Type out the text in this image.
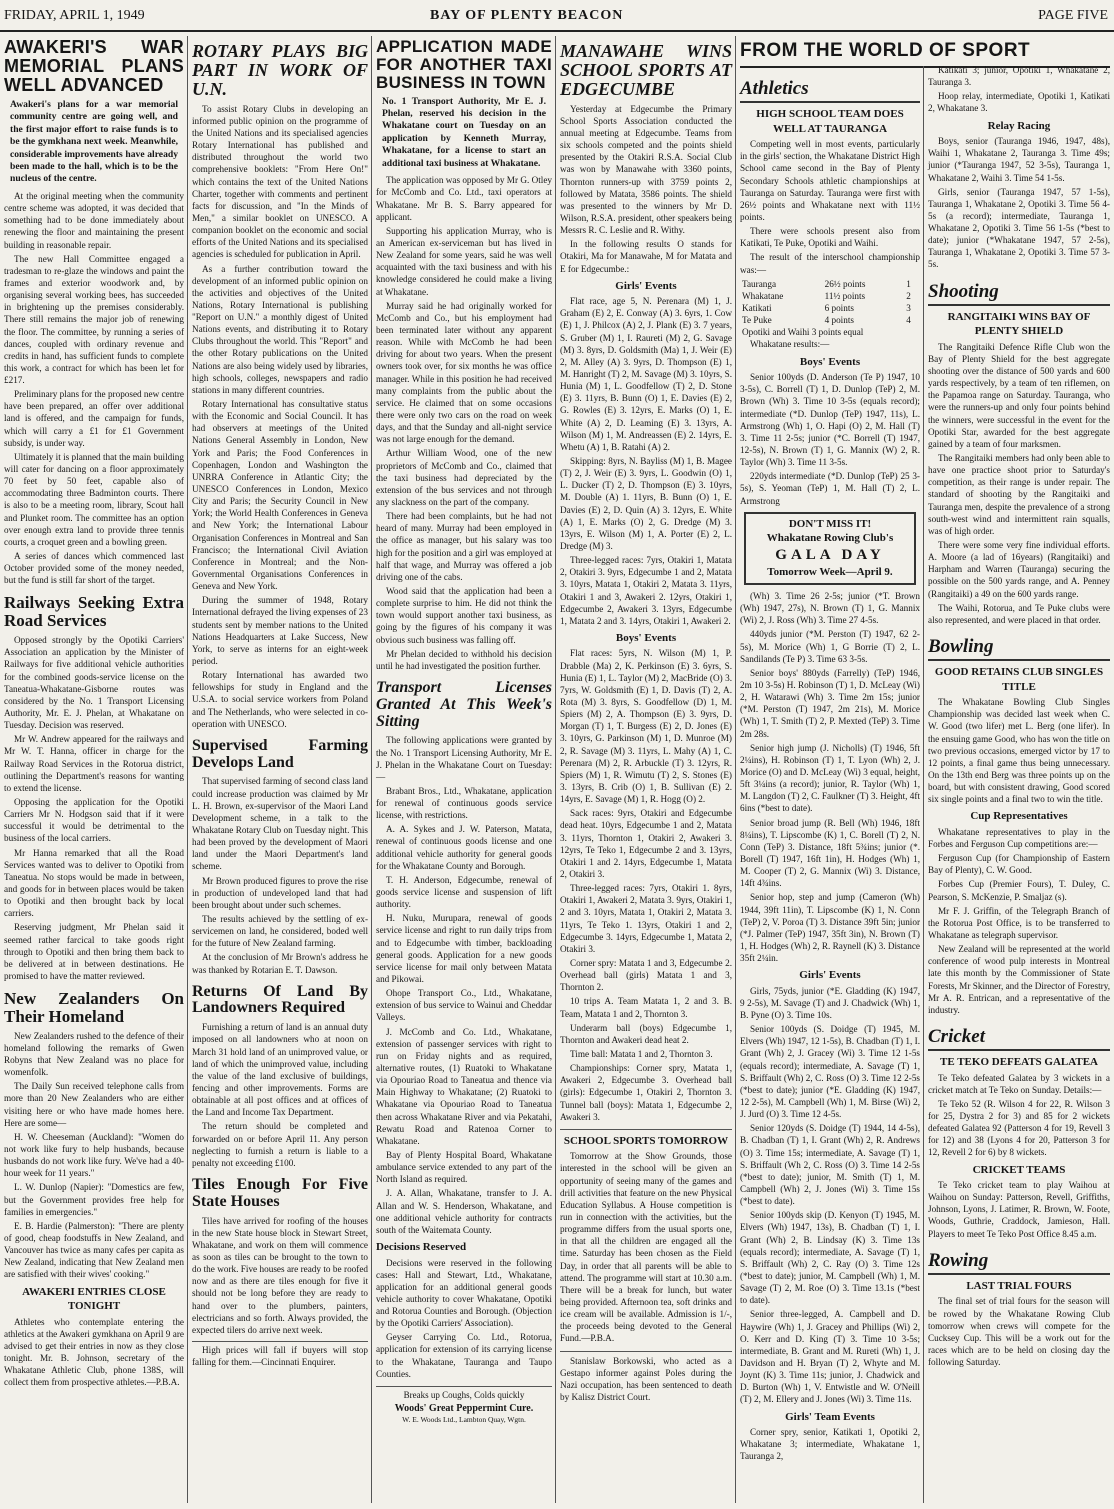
FRIDAY, APRIL 1, 1949	BAY OF PLENTY BEACON	PAGE FIVE
AWAKERI'S WAR MEMORIAL PLANS WELL ADVANCED
Awakeri's plans for a war memorial community centre are going well, and the first major effort to raise funds is to be the gymkhana next week. Meanwhile, considerable improvements have already been made to the hall, which is to be the nucleus of the centre.

At the original meeting when the community centre scheme was adopted, it was decided that something had to be done immediately about renewing the floor and maintaining the present building in reasonable repair.

The new Hall Committee engaged a tradesman to re-glaze the windows and paint the frames and exterior woodwork and, by organising several working bees, has succeeded in brightening up the premises considerably. There still remains the major job of renewing the floor. The committee, by running a series of dances, coupled with ordinary revenue and credits in hand, has sufficient funds to complete this work, a contract for which has been let for £217.

Preliminary plans for the proposed new centre have been prepared, an offer over additional land is offered, and the campaign for funds, which will carry a £1 for £1 Government subsidy, is under way.

Ultimately it is planned that the main building will cater for dancing on a floor approximately 70 feet by 50 feet, capable also of accommodating three Badminton courts. There is also to be a meeting room, library, Scout hall and Plunket room. The committee has an option over enough extra land to provide three tennis courts, a croquet green and a bowling green.

A series of dances which commenced last October provided some of the money needed, but the fund is still far short of the target.

Railways Seeking Extra Road Services

Opposed strongly by the Opotiki Carriers' Association an application by the Minister of Railways for five additional vehicle authorities for the combined goods-service license on the Taneatua-Whakatane-Gisborne routes was considered by the No. 1 Transport Licensing Authority, Mr. E. J. Phelan, at Whakatane on Tuesday. Decision was reserved.

Mr W. Andrew appeared for the railways and Mr W. T. Hanna, officer in charge for the Railway Road Services in the Rotorua district, outlining the Department's reasons for wanting to extend the license.

Opposing the application for the Opotiki Carriers Mr N. Hodgson said that if it were successful it would be detrimental to the business of the local carriers.

Mr Hanna remarked that all the Road Services wanted was to deliver to Opotiki from Taneatua. No stops would be made in between, and goods for in between places would be taken to Opotiki and then brought back by local carriers.

Reserving judgment, Mr Phelan said it seemed rather farcical to take goods right through to Opotiki and then bring them back to be delivered at in between destinations. He promised to have the matter reviewed.

New Zealanders On Their Homeland

New Zealanders rushed to the defence of their homeland following the remarks of Gwen Robyns that New Zealand was no place for womenfolk.

The Daily Sun received telephone calls from more than 20 New Zealanders who are either visiting here or who have made homes here. Here are some—

H. W. Cheeseman (Auckland): "Women do not work like fury to help husbands, because husbands do not work like fury. We've had a 40-hour week for 11 years."

L. W. Dunlop (Napier): "Domestics are few, but the Government provides free help for families in emergencies."

E. B. Hardie (Palmerston): "There are plenty of good, cheap foodstuffs in New Zealand, and Vancouver has twice as many cafes per capita as New Zealand, indicating that New Zealand men are satisfied with their wives' cooking."

AWAKERI ENTRIES CLOSE TONIGHT

Athletes who contemplate entering the athletics at the Awakeri gymkhana on April 9 are advised to get their entries in now as they close tonight. Mr. B. Johnson, secretary of the Whakatane Athletic Club, phone 138S, will collect them from prospective athletes.—P.B.A.

ROTARY PLAYS BIG PART IN WORK OF U.N.

To assist Rotary Clubs in developing an informed public opinion on the programme of the United Nations and its specialised agencies Rotary International has published and distributed throughout the world two comprehensive booklets: "From Here On!" which contains the text of the United Nations Charter, together with comments and pertinent facts for discussion, and "In the Minds of Men," a similar booklet on UNESCO. A companion booklet on the economic and social efforts of the United Nations and its specialised agencies is scheduled for publication in April.

As a further contribution toward the development of an informed public opinion on the activities and objectives of the United Nations, Rotary International is publishing "Report on U.N." a monthly digest of United Nations events, and distributing it to Rotary Clubs throughout the world. This "Report" and the other Rotary publications on the United Nations are also being widely used by libraries, high schools, colleges, newspapers and radio stations in many different countries.

Rotary International has consultative status with the Economic and Social Council. It has had observers at meetings of the United Nations General Assembly in London, New York and Paris; the Food Conferences in Copenhagen, London and Washington the UNRRA Conference in Atlantic City; the UNESCO Conferences in London, Mexico City and Paris; the Security Council in New York; the World Health Conferences in Geneva and New York; the International Labour Organisation Conferences in Montreal and San Francisco; the International Civil Aviation Conference in Montreal; and the Non-Governmental Organisations Conferences in Geneva and New York.

During the summer of 1948, Rotary International defrayed the living expenses of 23 students sent by member nations to the United Nations Headquarters at Lake Success, New York, to serve as interns for an eight-week period.

Rotary International has awarded two fellowships for study in England and the U.S.A. to social service workers from Poland and The Netherlands, who were selected in co-operation with UNESCO.

Supervised Farming Develops Land

That supervised farming of second class land could increase production was claimed by Mr L. H. Brown, ex-supervisor of the Maori Land Development scheme, in a talk to the Whakatane Rotary Club on Tuesday night. This had been proved by the development of Maori land under the Maori Department's land scheme.

Mr Brown produced figures to prove the rise in production of undeveloped land that had been brought about under such schemes.

The results achieved by the settling of ex-servicemen on land, he considered, boded well for the future of New Zealand farming.

At the conclusion of Mr Brown's address he was thanked by Rotarian E. T. Dawson.

Returns Of Land By Landowners Required

Furnishing a return of land is an annual duty imposed on all landowners who at noon on March 31 hold land of an unimproved value, or land of which the unimproved value, including the value of the land exclusive of buildings, fencing and other improvements. Forms are obtainable at all post offices and at offices of the Land and Income Tax Department.

The return should be completed and forwarded on or before April 11. Any person neglecting to furnish a return is liable to a penalty not exceeding £100.

Tiles Enough For Five State Houses

Tiles have arrived for roofing of the houses in the new State house block in Stewart Street, Whakatane, and work on them will commence as soon as tiles can be brought to the town to do the work. Five houses are ready to be roofed now and as there are tiles enough for five it should not be long before they are ready to hand over to the plumbers, painters, electricians and so forth. Always provided, the expected tilers do arrive next week.

High prices will fall if buyers will stop falling for them.—Cincinnati Enquirer.

APPLICATION MADE FOR ANOTHER TAXI BUSINESS IN TOWN
No. 1 Transport Authority, Mr E. J. Phelan, reserved his decision in the Whakatane court on Tuesday on an application by Kenneth Murray, Whakatane, for a license to start an additional taxi business at Whakatane.

The application was opposed by Mr G. Otley for McComb and Co. Ltd., taxi operators at Whakatane. Mr B. S. Barry appeared for applicant.

Supporting his application Murray, who is an American ex-serviceman but has lived in New Zealand for some years, said he was well acquainted with the taxi business and with his knowledge considered he could make a living at Whakatane.

Murray said he had originally worked for McComb and Co., but his employment had been terminated later without any apparent reason. While with McComb he had been driving for about two years. When the present owners took over, for six months he was office manager. While in this position he had received many complaints from the public about the service. He claimed that on some occasions there were only two cars on the road on week days, and that the Sunday and all-night service was not large enough for the demand.

Arthur William Wood, one of the new proprietors of McComb and Co., claimed that the taxi business had depreciated by the extension of the bus services and not through any slackness on the part of the company.

There had been complaints, but he had not heard of many. Murray had been employed in the office as manager, but his salary was too high for the position and a girl was employed at half that wage, and Murray was offered a job driving one of the cabs.

Wood said that the application had been a complete surprise to him. He did not think the town would support another taxi business, as going by the figures of his company it was obvious such business was falling off.

Mr Phelan decided to withhold his decision until he had investigated the position further.

Transport Licenses Granted At This Week's Sitting

The following applications were granted by the No. 1 Transport Licensing Authority, Mr E. J. Phelan in the Whakatane Court on Tuesday:—

Brabant Bros., Ltd., Whakatane, application for renewal of continuous goods service license, with restrictions.

A. A. Sykes and J. W. Paterson, Matata, renewal of continuous goods license and one additional vehicle authority for general goods for the Whakatane County and Borough.

T. H. Anderson, Edgecumbe, renewal of goods service license and suspension of lift authority.

H. Nuku, Murupara, renewal of goods service license and right to run daily trips from and to Edgecumbe with timber, backloading general goods. Application for a new goods service license for mail only between Matata and Pikowai.

Ohope Transport Co., Ltd., Whakatane, extension of bus service to Wainui and Cheddar Valleys.

J. McComb and Co. Ltd., Whakatane, extension of passenger services with right to run on Friday nights and as required, alternative routes, (1) Ruatoki to Whakatane via Opouriao Road to Taneatua and thence via Main Highway to Whakatane; (2) Ruatoki to Whakatane via Opouriao Road to Taneatua then across Whakatane River and via Pekatahi, Rewatu Road and Ratenoa Corner to Whakatane.

Bay of Plenty Hospital Board, Whakatane ambulance service extended to any part of the North Island as required.

J. A. Allan, Whakatane, transfer to J. A. Allan and W. S. Henderson, Whakatane, and one additional vehicle authority for contracts south of the Waitemata County.

Decisions Reserved

Decisions were reserved in the following cases: Hall and Stewart, Ltd., Whakatane, application for an additional general goods vehicle authority to cover Whakatane, Opotiki and Rotorua Counties and Borough. (Objection by the Opotiki Carriers' Association).

Geyser Carrying Co. Ltd., Rotorua, application for extension of its carrying license to the Whakatane, Tauranga and Taupo Counties.

Breaks up Coughs, Colds quickly
Woods' Great Peppermint Cure.
W. E. Woods Ltd., Lambton Quay, Wgtn.
MANAWAHE WINS SCHOOL SPORTS AT EDGECUMBE

Yesterday at Edgecumbe the Primary School Sports Association conducted the annual meeting at Edgecumbe. Teams from six schools competed and the points shield presented by the Otakiri R.S.A. Social Club was won by Manawahe with 3360 points, Thornton runners-up with 3759 points 2, followed by Matata, 3586 points. The shield was presented to the winners by Mr D. Wilson, R.S.A. president, other speakers being Messrs R. C. Leslie and R. Withy.

In the following results O stands for Otakiri, Ma for Manawahe, M for Matata and E for Edgecumbe.:

Girls' Events

Flat race, age 5, N. Perenara (M) 1, J. Graham (E) 2, E. Conway (A) 3. 6yrs, 1. Cow (E) 1, J. Philcox (A) 2, J. Plank (E) 3. 7 years, S. Gruber (M) 1, I. Raureti (M) 2, G. Savage (M) 3. 8yrs, D. Goldsmith (Ma) 1, J. Weir (E) 2, M. Alley (A) 3. 9yrs, D. Thompson (E) 1, M. Hanright (T) 2, M. Savage (M) 3. 10yrs, S. Hunia (M) 1, L. Goodfellow (T) 2, D. Stone (E) 3. 11yrs, B. Bunn (O) 1, E. Davies (E) 2, G. Rowles (E) 3. 12yrs, E. Marks (O) 1, E. White (A) 2, D. Leaming (E) 3. 13yrs, A. Wilson (M) 1, M. Andreassen (E) 2. 14yrs, E. Whetu (A) 1, B. Ratahi (A) 2.

Skipping: 8yrs, N. Bayliss (M) 1, B. Magee (T) 2, J. Weir (E) 3. 9yrs, L. Goodwin (O) 1, L. Ducker (T) 2, D. Thompson (E) 3. 10yrs, M. Double (A) 1. 11yrs, B. Bunn (O) 1, E. Davies (E) 2, D. Quin (A) 3. 12yrs, E. White (A) 1, E. Marks (O) 2, G. Dredge (M) 3. 13yrs, E. Wilson (M) 1, A. Porter (E) 2, L. Dredge (M) 3.

Three-legged races: 7yrs, Otakiri 1, Matata 2, Otakiri 3. 9yrs, Edgecumbe 1 and 2, Matata 3. 10yrs, Matata 1, Otakiri 2, Matata 3. 11yrs, Otakiri 1 and 3, Awakeri 2. 12yrs, Otakiri 1, Edgecumbe 2, Awakeri 3. 13yrs, Edgecumbe 1, Matata 2 and 3. 14yrs, Otakiri 1, Awakeri 2.

Boys' Events

Flat races: 5yrs, N. Wilson (M) 1, P. Drabble (Ma) 2, K. Perkinson (E) 3. 6yrs, S. Hunia (E) 1, L. Taylor (M) 2, MacBride (O) 3. 7yrs, W. Goldsmith (E) 1, D. Davis (T) 2, A. Rota (M) 3. 8yrs, S. Goodfellow (D) 1, M. Spiers (M) 2, A. Thompson (E) 3. 9yrs, D. Morgan (T) 1, T. Burgess (E) 2, D. Jones (E) 3. 10yrs, G. Parkinson (M) 1, D. Munroe (M) 2, R. Savage (M) 3. 11yrs, L. Mahy (A) 1, C. Perenara (M) 2, R. Arbuckle (T) 3. 12yrs, R. Spiers (M) 1, R. Wimutu (T) 2, S. Stones (E) 3. 13yrs, B. Crib (O) 1, B. Sullivan (E) 2. 14yrs, E. Savage (M) 1, R. Hogg (O) 2.

Sack races: 9yrs, Otakiri and Edgecumbe dead heat. 10yrs, Edgecumbe 1 and 2, Matata 3. 11yrs, Thornton 1, Otakiri 2, Awakeri 3. 12yrs, Te Teko 1, Edgecumbe 2 and 3. 13yrs, Otakiri 1 and 2. 14yrs, Edgecumbe 1, Matata 2, Otakiri 3.

Three-legged races: 7yrs, Otakiri 1. 8yrs, Otakiri 1, Awakeri 2, Matata 3. 9yrs, Otakiri 1, 2 and 3. 10yrs, Matata 1, Otakiri 2, Matata 3. 11yrs, Te Teko 1. 13yrs, Otakiri 1 and 2, Edgecumbe 3. 14yrs, Edgecumbe 1, Matata 2, Otakiri 3.

Corner spry: Matata 1 and 3, Edgecumbe 2. Overhead ball (girls) Matata 1 and 3, Thornton 2.

10 trips A. Team Matata 1, 2 and 3. B. Team, Matata 1 and 2, Thornton 3.

Underarm ball (boys) Edgecumbe 1, Thornton and Awakeri dead heat 2.

Time ball: Matata 1 and 2, Thornton 3.

Championships: Corner spry, Matata 1, Awakeri 2, Edgecumbe 3. Overhead ball (girls): Edgecumbe 1, Otakiri 2, Thornton 3. Tunnel ball (boys): Matata 1, Edgecumbe 2, Awakeri 3.

SCHOOL SPORTS TOMORROW

Tomorrow at the Show Grounds, those interested in the school will be given an opportunity of seeing many of the games and drill activities that feature on the new Physical Education Syllabus. A House competition is run in connection with the activities, but the programme differs from the usual sports one, in that all the children are engaged all the time. Saturday has been chosen as the Field Day, in order that all parents will be able to attend. The programme will start at 10.30 a.m. There will be a break for lunch, but water being provided. Afternoon tea, soft drinks and ice cream will be available. Admission is 1/-, the proceeds being devoted to the General Fund.—P.B.A.

Stanislaw Borkowski, who acted as a Gestapo informer against Poles during the Nazi occupation, has been sentenced to death by Kalisz District Court.

FROM THE WORLD OF SPORT
Athletics
HIGH SCHOOL TEAM DOES WELL AT TAURANGA

Competing well in most events, particularly in the girls' section, the Whakatane District High School came second in the Bay of Plenty Secondary Schools athletic championships at Tauranga on Saturday. Tauranga were first with 26½ points and Whakatane next with 11½ points.

There were schools present also from Katikati, Te Puke, Opotiki and Waihi.

The result of the interschool championship was:—

Tauranga	26½ points	1
Whakatane	11½ points	2
Katikati	6 points	3
Te Puke	4 points	4
Opotiki and Waihi 3 points equal		

Whakatane results:—

Boys' Events

Senior 100yds (D. Anderson (Te P) 1947, 10 3-5s), C. Borrell (T) 1, D. Dunlop (TeP) 2, M. Brown (Wh) 3. Time 10 3-5s (equals record); intermediate (*D. Dunlop (TeP) 1947, 11s), L. Armstrong (Wh) 1, O. Hapi (O) 2, M. Hall (T) 3. Time 11 2-5s; junior (*C. Borrell (T) 1947, 12-5s), N. Brown (T) 1, G. Mannix (W) 2, R. Taylor (Wh) 3. Time 11 3-5s.

220yds intermediate (*D. Dunlop (TeP) 25 3-5s), S. Yeoman (TeP) 1, M. Hall (T) 2, L. Armstrong

DON'T MISS IT!
Whakatane Rowing Club's
GALA DAY
Tomorrow Week—April 9.

(Wh) 3. Time 26 2-5s; junior (*T. Brown (Wh) 1947, 27s), N. Brown (T) 1, G. Mannix (Wi) 2, J. Ross (Wh) 3. Time 27 4-5s.

440yds junior (*M. Perston (T) 1947, 62 2-5s), M. Morice (Wh) 1, G Borrie (T) 2, L. Sandilands (Te P) 3. Time 63 3-5s.

Senior boys' 880yds (Farrelly) (TeP) 1946, 2m 10 3-5s) H. Robinson (T) 1, D. McLeay (Wi) 2, H. Watarawi (Wh) 3. Time 2m 15s; junior (*M. Perston (T) 1947, 2m 21s), M. Morice (Wh) 1, T. Smith (T) 2, P. Mexted (TeP) 3. Time 2m 28s.

Senior high jump (J. Nicholls) (T) 1946, 5ft 2¼ins), H. Robinson (T) 1, T. Lyon (Wh) 2, J. Morice (O) and D. McLeay (Wi) 3 equal, height, 5ft 3¼ins (a record); junior, R. Taylor (Wh) 1, M. Langdon (T) 2, C. Faulkner (T) 3. Height, 4ft 6ins (*best to date).

Senior broad jump (R. Bell (Wh) 1946, 18ft 8¼ins), T. Lipscombe (K) 1, C. Borell (T) 2, N. Conn (TeP) 3. Distance, 18ft 5¾ins; junior (*. Borell (T) 1947, 16ft 1in), H. Hodges (Wh) 1, M. Cooper (T) 2, G. Mannix (Wi) 3. Distance, 14ft 4¾ins.

Senior hop, step and jump (Cameron (Wh) 1944, 39ft 11in), T. Lipscombe (K) 1, N. Conn (TeP) 2, V. Poroa (T) 3. Distance 39ft 5in; junior (*J. Palmer (TeP) 1947, 35ft 3in), N. Brown (T) 1, H. Hodges (Wh) 2, R. Raynell (K) 3. Distance 35ft 2¼in.

Girls' Events

Girls, 75yds, junior (*E. Gladding (K) 1947, 9 2-5s), M. Savage (T) and J. Chadwick (Wh) 1, B. Pyne (O) 3. Time 10s.

Senior 100yds (S. Doidge (T) 1945, M. Elvers (Wh) 1947, 12 1-5s), B. Chadban (T) 1, I. Grant (Wh) 2, J. Gracey (Wi) 3. Time 12 1-5s (equals record); intermediate, A. Savage (T) 1, S. Briffault (Wh) 2, C. Ross (O) 3. Time 12 2-5s (*best to date); junior (*E. Gladding (K) 1947, 12 2-5s), M. Campbell (Wh) 1, M. Birse (Wi) 2, J. Jurd (O) 3. Time 12 4-5s.

Senior 120yds (S. Doidge (T) 1944, 14 4-5s), B. Chadban (T) 1, I. Grant (Wh) 2, R. Andrews (O) 3. Time 15s; intermediate, A. Savage (T) 1, S. Briffault (Wh 2, C. Ross (O) 3. Time 14 2-5s (*best to date); junior, M. Smith (T) 1, M. Campbell (Wh) 2, J. Jones (Wi) 3. Time 15s (*best to date).

Senior 100yds skip (D. Kenyon (T) 1945, M. Elvers (Wh) 1947, 13s), B. Chadban (T) 1, I. Grant (Wh) 2, B. Lindsay (K) 3. Time 13s (equals record); intermediate, A. Savage (T) 1, S. Briffault (Wh) 2, C. Ray (O) 3. Time 12s (*best to date); junior, M. Campbell (Wh) 1, M. Savage (T) 2, M. Roe (O) 3. Time 13.1s (*best to date).

Senior three-legged, A. Campbell and D. Haywire (Wh) 1, J. Gracey and Phillips (Wi) 2, O. Kerr and D. King (T) 3. Time 10 3-5s; intermediate, B. Grant and M. Rureti (Wh) 1, J. Davidson and H. Bryan (T) 2, Whyte and M. Joynt (K) 3. Time 11s; junior, J. Chadwick and D. Burton (Wh) 1, V. Entwistle and W. O'Neill (T) 2, M. Ellery and J. Jones (Wi) 3. Time 11s.

Girls' Team Events

Corner spry, senior, Katikati 1, Opotiki 2, Whakatane 3; intermediate, Whakatane 1, Tauranga 2,

Katikati 3; junior, Opotiki 1, Whakatane 2, Tauranga 3.

Hoop relay, intermediate, Opotiki 1, Katikati 2, Whakatane 3.

Relay Racing

Boys, senior (Tauranga 1946, 1947, 48s), Waihi 1, Whakatane 2, Tauranga 3. Time 49s; junior (*Tauranga 1947, 52 3-5s), Tauranga 1, Whakatane 2, Waihi 3. Time 54 1-5s.

Girls, senior (Tauranga 1947, 57 1-5s), Tauranga 1, Whakatane 2, Opotiki 3. Time 56 4-5s (a record); intermediate, Tauranga 1, Whakatane 2, Opotiki 3. Time 56 1-5s (*best to date); junior (*Whakatane 1947, 57 2-5s), Tauranga 1, Whakatane 2, Opotiki 3. Time 57 3-5s.

Shooting
RANGITAIKI WINS BAY OF PLENTY SHIELD

The Rangitaiki Defence Rifle Club won the Bay of Plenty Shield for the best aggregate shooting over the distance of 500 yards and 600 yards respectively, by a team of ten riflemen, on the Papamoa range on Saturday. Tauranga, who were the runners-up and only four points behind the winners, were successful in the event for the Opotiki Star, awarded for the best aggregate gained by a team of four marksmen.

The Rangitaiki members had only been able to have one practice shoot prior to Saturday's competition, as their range is under repair. The standard of shooting by the Rangitaiki and Tauranga men, despite the prevalence of a strong south-west wind and intermittent rain squalls, was of high order.

There were some very fine individual efforts. A. Moore (a lad of 16years) (Rangitaiki) and Harpham and Warren (Tauranga) securing the possible on the 500 yards range, and A. Penney (Rangitaiki) a 49 on the 600 yards range.

The Waihi, Rotorua, and Te Puke clubs were also represented, and were placed in that order.

Bowling
GOOD RETAINS CLUB SINGLES TITLE

The Whakatane Bowling Club Singles Championship was decided last week when C. W. Good (two lifer) met L. Berg (one lifer). In the ensuing game Good, who has won the title on two previous occasions, emerged victor by 17 to 12 points, a final game thus being unnecessary. On the 13th end Berg was three points up on the board, but with consistent drawing, Good scored six single points and a final two to win the title.

Cup Representatives

Whakatane representatives to play in the Forbes and Ferguson Cup competitions are:—

Ferguson Cup (for Championship of Eastern Bay of Plenty), C. W. Good.

Forbes Cup (Premier Fours), T. Duley, C. Pearson, S. McKenzie, P. Smaljaz (s).

Mr F. J. Griffin, of the Telegraph Branch of the Rotorua Post Office, is to be transferred to Whakatane as telegraph supervisor.

New Zealand will be represented at the world conference of wood pulp interests in Montreal late this month by the Commissioner of State Forests, Mr Skinner, and the Director of Forestry, Mr A. R. Entrican, and a representative of the industry.

Cricket
TE TEKO DEFEATS GALATEA

Te Teko defeated Galatea by 3 wickets in a cricket match at Te Teko on Sunday. Details:—

Te Teko 52 (R. Wilson 4 for 22, R. Wilson 3 for 25, Dystra 2 for 3) and 85 for 2 wickets defeated Galatea 92 (Patterson 4 for 19, Revell 3 for 12) and 38 (Lyons 4 for 20, Patterson 3 for 12, Revell 2 for 6) by 8 wickets.

CRICKET TEAMS

Te Teko cricket team to play Waihou at Waihou on Sunday: Patterson, Revell, Griffiths, Johnson, Lyons, J. Latimer, R. Brown, W. Foote, Woods, Guthrie, Craddock, Jamieson, Hall. Players to meet Te Teko Post Office 8.45 a.m.

Rowing
LAST TRIAL FOURS

The final set of trial fours for the season will be rowed by the Whakatane Rowing Club tomorrow when crews will compete for the Cucksey Cup. This will be a work out for the races which are to be held on closing day the following Saturday.
